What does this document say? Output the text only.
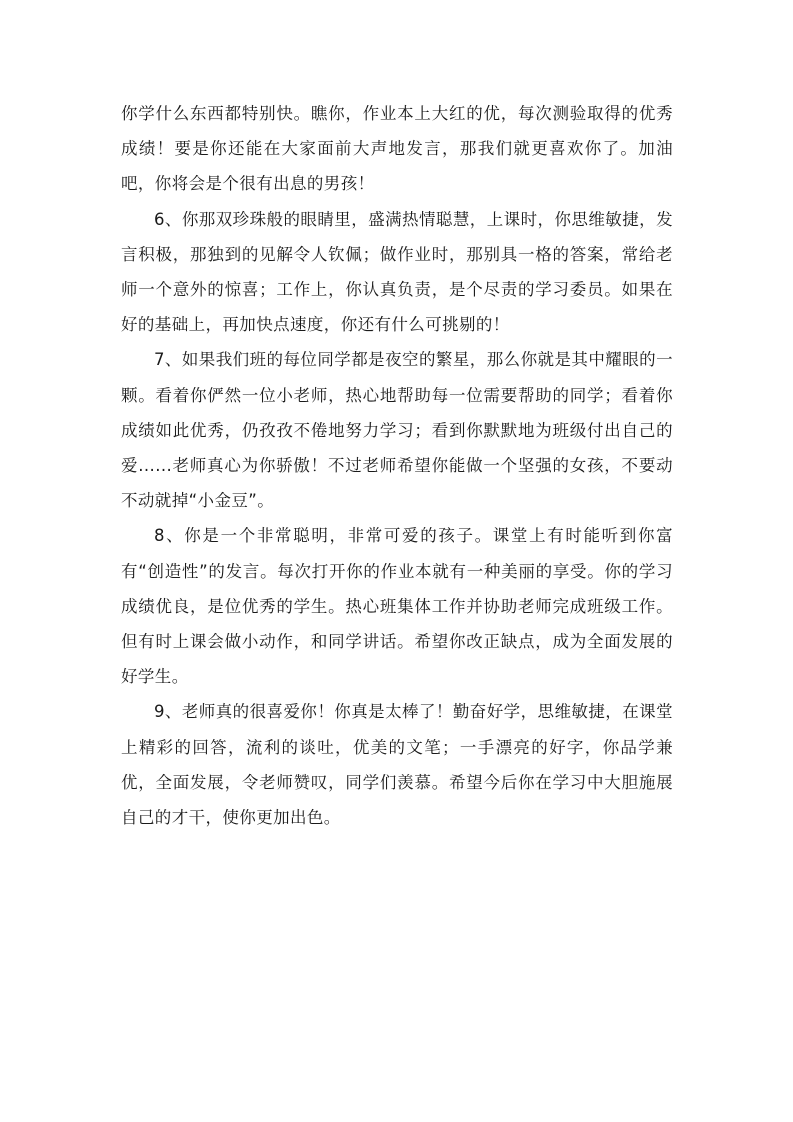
你学什么东西都特别快。瞧你，作业本上大红的优，每次测验取得的优秀成绩！要是你还能在大家面前大声地发言，那我们就更喜欢你了。加油吧，你将会是个很有出息的男孩！

6、你那双珍珠般的眼睛里，盛满热情聪慧，上课时，你思维敏捷，发言积极，那独到的见解令人钦佩；做作业时，那别具一格的答案，常给老师一个意外的惊喜；工作上，你认真负责，是个尽责的学习委员。如果在好的基础上，再加快点速度，你还有什么可挑剔的！

7、如果我们班的每位同学都是夜空的繁星，那么你就是其中耀眼的一颗。看着你俨然一位小老师，热心地帮助每一位需要帮助的同学；看着你成绩如此优秀，仍孜孜不倦地努力学习；看到你默默地为班级付出自己的爱......老师真心为你骄傲！不过老师希望你能做一个坚强的女孩，不要动不动就掉“小金豆”。

8、你是一个非常聪明，非常可爱的孩子。课堂上有时能听到你富有“创造性”的发言。每次打开你的作业本就有一种美丽的享受。你的学习成绩优良，是位优秀的学生。热心班集体工作并协助老师完成班级工作。但有时上课会做小动作，和同学讲话。希望你改正缺点，成为全面发展的好学生。

9、老师真的很喜爱你！你真是太棒了！勤奋好学，思维敏捷，在课堂上精彩的回答，流利的谈吐，优美的文笔；一手漂亮的好字，你品学兼优，全面发展，令老师赞叹，同学们羡慕。希望今后你在学习中大胆施展自己的才干，使你更加出色。
